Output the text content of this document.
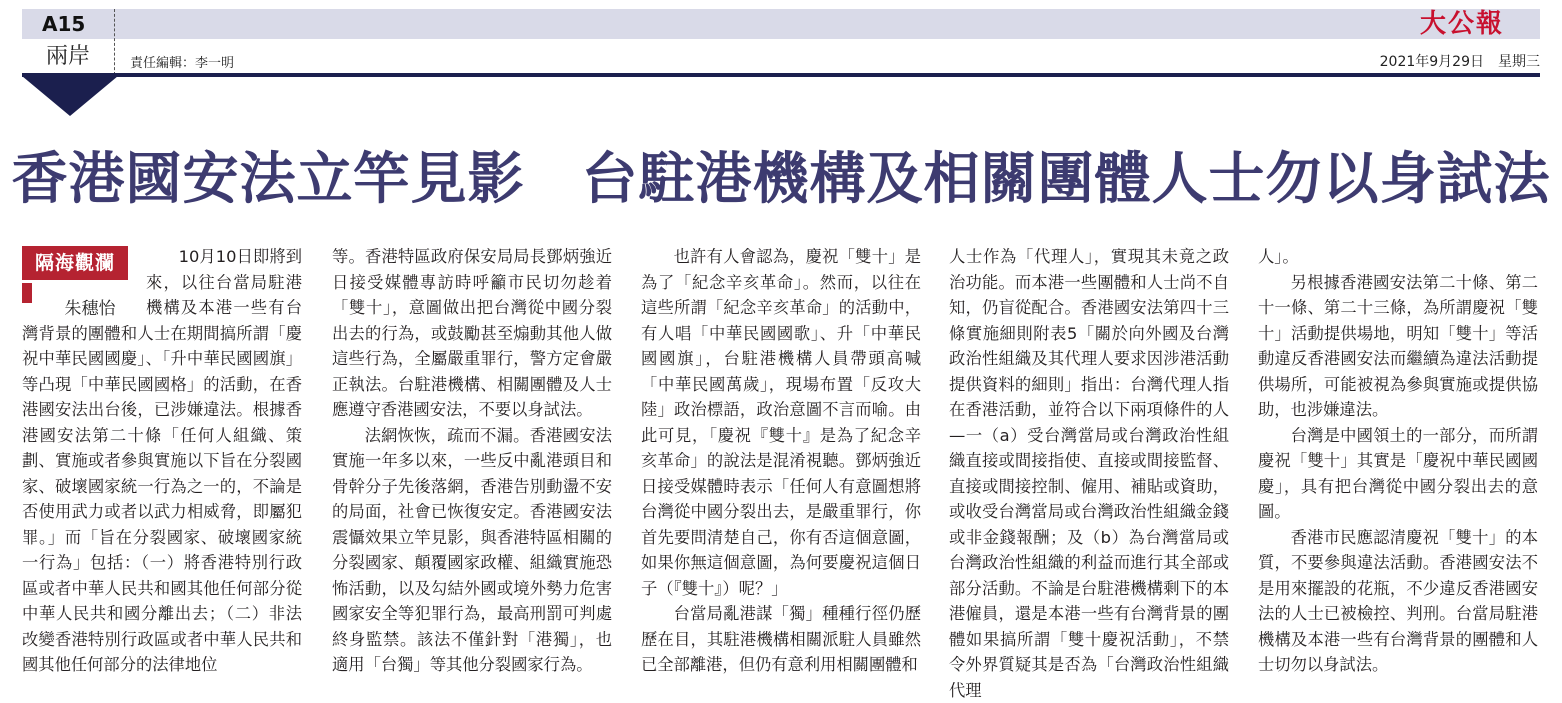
A15
兩岸	責任編輯：李一明
大公報
2021年9月29日　星期三
香港國安法立竿見影　台駐港機構及相關團體人士勿以身試法
隔海觀瀾
朱穗怡

10月10日即將到來，以往台當局駐港機構及本港一些有台灣背景的團體和人士在期間搞所謂「慶祝中華民國國慶」、「升中華民國國旗」等凸現「中華民國國格」的活動，在香港國安法出台後，已涉嫌違法。根據香港國安法第二十條「任何人組織、策劃、實施或者參與實施以下旨在分裂國家、破壞國家統一行為之一的，不論是否使用武力或者以武力相威脅，即屬犯罪。」而「旨在分裂國家、破壞國家統一行為」包括：（一）將香港特別行政區或者中華人民共和國其他任何部分從中華人民共和國分離出去；（二）非法改變香港特別行政區或者中華人民共和國其他任何部分的法律地位

等。香港特區政府保安局局長鄧炳強近日接受媒體專訪時呼籲市民切勿趁着「雙十」，意圖做出把台灣從中國分裂出去的行為，或鼓勵甚至煽動其他人做這些行為，全屬嚴重罪行，警方定會嚴正執法。台駐港機構、相關團體及人士應遵守香港國安法，不要以身試法。

法網恢恢，疏而不漏。香港國安法實施一年多以來，一些反中亂港頭目和骨幹分子先後落網，香港告別動盪不安的局面，社會已恢復安定。香港國安法震懾效果立竿見影，與香港特區相關的分裂國家、顛覆國家政權、組織實施恐怖活動，以及勾結外國或境外勢力危害國家安全等犯罪行為，最高刑罰可判處終身監禁。該法不僅針對「港獨」，也適用「台獨」等其他分裂國家行為。

也許有人會認為，慶祝「雙十」是為了「紀念辛亥革命」。然而，以往在這些所謂「紀念辛亥革命」的活動中，有人唱「中華民國國歌」、升「中華民國國旗」，台駐港機構人員帶頭高喊「中華民國萬歲」，現場布置「反攻大陸」政治標語，政治意圖不言而喻。由此可見，「慶祝『雙十』是為了紀念辛亥革命」的說法是混淆視聽。鄧炳強近日接受媒體時表示「任何人有意圖想將台灣從中國分裂出去，是嚴重罪行，你首先要問清楚自己，你有否這個意圖，如果你無這個意圖，為何要慶祝這個日子（『雙十』）呢？」

台當局亂港謀「獨」種種行徑仍歷歷在目，其駐港機構相關派駐人員雖然已全部離港，但仍有意利用相關團體和

人士作為「代理人」，實現其未竟之政治功能。而本港一些團體和人士尚不自知，仍盲從配合。香港國安法第四十三條實施細則附表5「關於向外國及台灣政治性組織及其代理人要求因涉港活動提供資料的細則」指出：台灣代理人指在香港活動，並符合以下兩項條件的人—一（a）受台灣當局或台灣政治性組織直接或間接指使、直接或間接監督、直接或間接控制、僱用、補貼或資助，或收受台灣當局或台灣政治性組織金錢或非金錢報酬；及（b）為台灣當局或台灣政治性組織的利益而進行其全部或部分活動。不論是台駐港機構剩下的本港僱員，還是本港一些有台灣背景的團體如果搞所謂「雙十慶祝活動」，不禁令外界質疑其是否為「台灣政治性組織代理

人」。

另根據香港國安法第二十條、第二十一條、第二十三條，為所謂慶祝「雙十」活動提供場地，明知「雙十」等活動違反香港國安法而繼續為違法活動提供場所，可能被視為參與實施或提供協助，也涉嫌違法。

台灣是中國領土的一部分，而所謂慶祝「雙十」其實是「慶祝中華民國國慶」，具有把台灣從中國分裂出去的意圖。

香港市民應認清慶祝「雙十」的本質，不要參與違法活動。香港國安法不是用來擺設的花瓶，不少違反香港國安法的人士已被檢控、判刑。台當局駐港機構及本港一些有台灣背景的團體和人士切勿以身試法。
